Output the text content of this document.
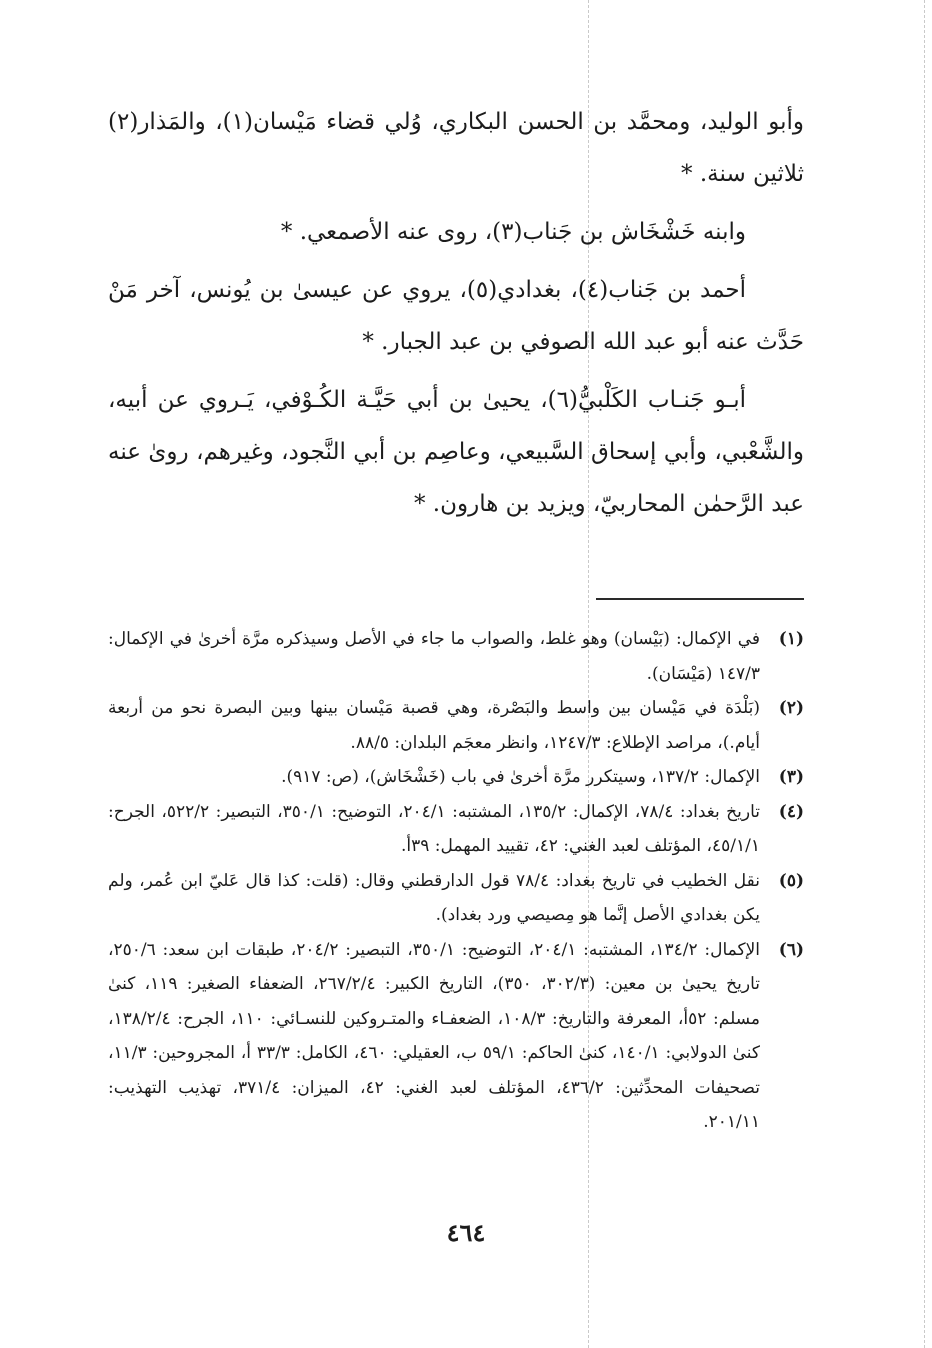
وأبو الوليد، ومحمَّد بن الحسن البكاري، وُلي قضاء مَيْسان(١)، والمَذار(٢) ثلاثين سنة. *

وابنه خَشْخَاش بن جَناب(٣)، روى عنه الأصمعي. *

أحمد بن جَناب(٤)، بغدادي(٥)، يروي عن عيسىٰ بن يُونس، آخر مَنْ حَدَّث عنه أبو عبد الله الصوفي بن عبد الجبار. *

أبـو جَنـاب الكَلْبيُّ(٦)، يحيىٰ بن أبي حَيَّـة الكُـوْفي، يَـروي عن أبيه، والشَّعْبي، وأبي إسحاق السَّبيعي، وعاصِم بن أبي النَّجود، وغيرهم، روىٰ عنه عبد الرَّحمٰن المحاربيّ، ويزيد بن هارون. *

(١)
في الإكمال: (بَيْسان) وهو غلط، والصواب ما جاء في الأصل وسيذكره مرَّة أخرىٰ في الإكمال: ١٤٧/٣ (مَيْسَان).
(٢)
(بَلْدَة في مَيْسان بين واسط والبَصْرة، وهي قصبة مَيْسان بينها وبين البصرة نحو من أربعة أيام.)، مراصد الإطلاع: ١٢٤٧/٣، وانظر معجَم البلدان: ٨٨/٥.
(٣)
الإكمال: ١٣٧/٢، وسيتكرر مرَّة أخرىٰ في باب (خَشْخَاش)، (ص: ٩١٧).
(٤)
تاريخ بغداد: ٧٨/٤، الإكمال: ١٣٥/٢، المشتبه: ٢٠٤/١، التوضيح: ٣٥٠/١، التبصير: ٥٢٢/٢، الجرح: ٤٥/١/١، المؤتلف لعبد الغني: ٤٢، تقييد المهمل: ٣٩أ.
(٥)
نقل الخطيب في تاريخ بغداد: ٧٨/٤ قول الدارقطني وقال: (قلت: كذا قال عَليّ ابن عُمر، ولم يكن بغدادي الأصل إنَّما هو مِصيصي ورد بغداد).
(٦)
الإكمال: ١٣٤/٢، المشتبه: ٢٠٤/١، التوضيح: ٣٥٠/١، التبصير: ٢٠٤/٢، طبقات ابن سعد: ٢٥٠/٦، تاريخ يحيىٰ بن معين: (٣٠٢/٣، ٣٥٠)، التاريخ الكبير: ٢٦٧/٢/٤، الضعفاء الصغير: ١١٩، كنىٰ مسلم: ٥٢أ، المعرفة والتاريخ: ١٠٨/٣، الضعفـاء والمتـروكين للنسـائي: ١١٠، الجرح: ١٣٨/٢/٤، كنىٰ الدولابي: ١٤٠/١، كنىٰ الحاكم: ٥٩/١ ب، العقيلي: ٤٦٠، الكامل: ٣٣/٣ أ، المجروحين: ١١/٣، تصحيفات المحدِّثين: ٤٣٦/٢، المؤتلف لعبد الغني: ٤٢، الميزان: ٣٧١/٤، تهذيب التهذيب: ٢٠١/١١.
٤٦٤
